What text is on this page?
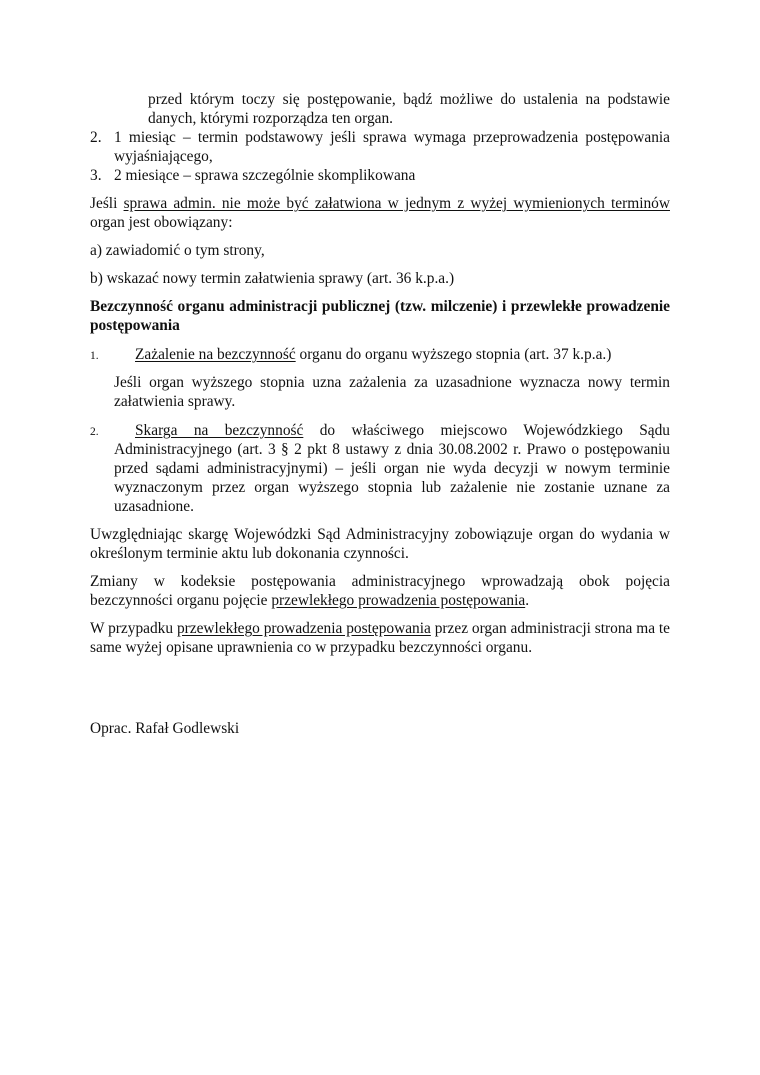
przed którym toczy się postępowanie, bądź możliwe do ustalenia na podstawie danych, którymi rozporządza ten organ.

2. 1 miesiąc – termin podstawowy jeśli sprawa wymaga przeprowadzenia postępowania wyjaśniającego,

3. 2 miesiące – sprawa szczególnie skomplikowana

Jeśli sprawa admin. nie może być załatwiona w jednym z wyżej wymienionych terminów organ jest obowiązany:

a) zawiadomić o tym strony,

b) wskazać nowy termin załatwienia sprawy (art. 36 k.p.a.)

Bezczynność organu administracji publicznej (tzw. milczenie) i przewlekłe prowadzenie postępowania

1.	Zażalenie na bezczynność organu do organu wyższego stopnia (art. 37 k.p.a.)

Jeśli organ wyższego stopnia uzna zażalenia za uzasadnione wyznacza nowy termin załatwienia sprawy.

2.	Skarga na bezczynność do właściwego miejscowo Wojewódzkiego Sądu Administracyjnego (art. 3 § 2 pkt 8 ustawy z dnia 30.08.2002 r. Prawo o postępowaniu przed sądami administracyjnymi) – jeśli organ nie wyda decyzji w nowym terminie wyznaczonym przez organ wyższego stopnia lub zażalenie nie zostanie uznane za uzasadnione.

Uwzględniając skargę Wojewódzki Sąd Administracyjny zobowiązuje organ do wydania w określonym terminie aktu lub dokonania czynności.

Zmiany w kodeksie postępowania administracyjnego wprowadzają obok pojęcia bezczynności organu pojęcie przewlekłego prowadzenia postępowania.

W przypadku przewlekłego prowadzenia postępowania przez organ administracji strona ma te same wyżej opisane uprawnienia co w przypadku bezczynności organu.

Oprac. Rafał Godlewski
